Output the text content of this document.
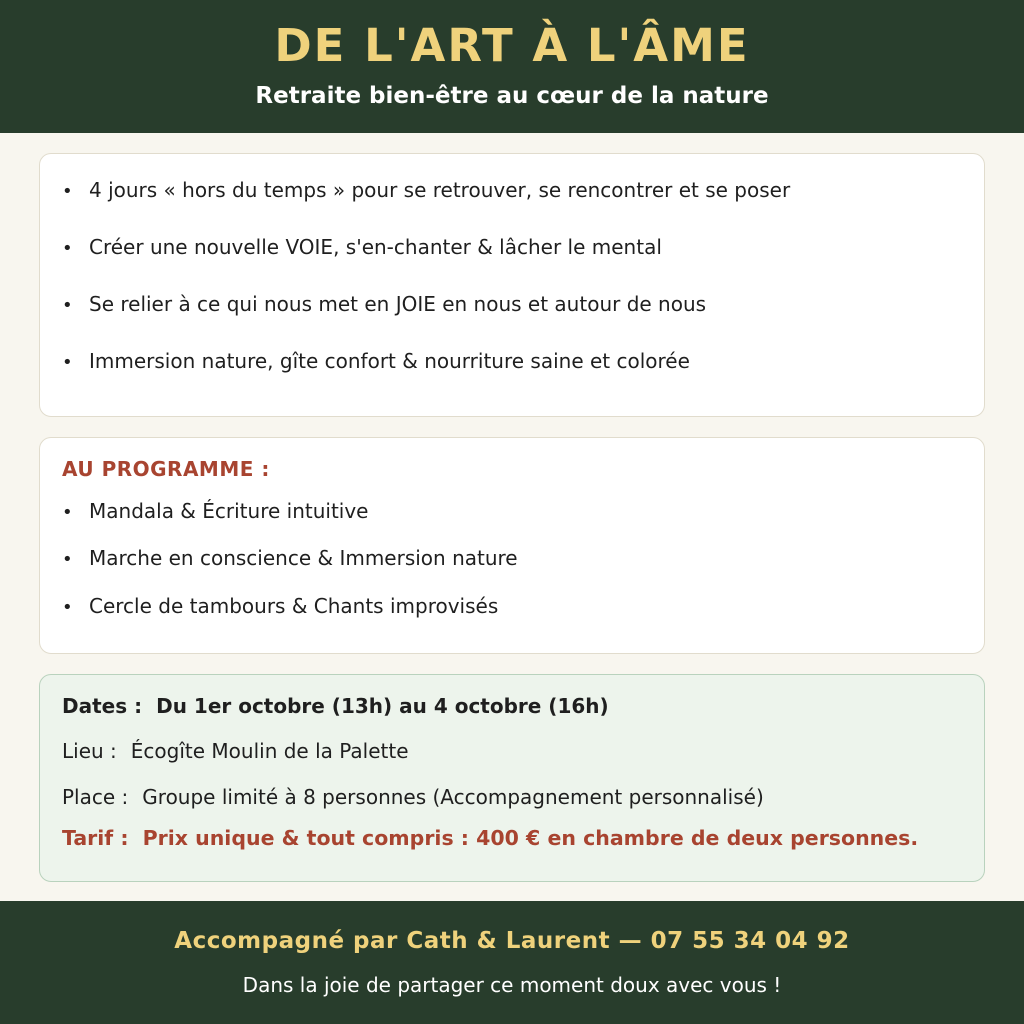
DE L'ART À L'ÂME
Retraite bien-être au cœur de la nature
• 4 jours « hors du temps » pour se retrouver, se rencontrer et se poser
• Créer une nouvelle VOIE, s'en-chanter & lâcher le mental
• Se relier à ce qui nous met en JOIE en nous et autour de nous
• Immersion nature, gîte confort & nourriture saine et colorée
AU PROGRAMME :
• Mandala & Écriture intuitive
• Marche en conscience & Immersion nature
• Cercle de tambours & Chants improvisés
Dates : Du 1er octobre (13h) au 4 octobre (16h)
Lieu : Écogîte Moulin de la Palette
Place : Groupe limité à 8 personnes (Accompagnement personnalisé)
Tarif : Prix unique & tout compris : 400 € en chambre de deux personnes.
Accompagné par Cath & Laurent — 07 55 34 04 92
Dans la joie de partager ce moment doux avec vous !
